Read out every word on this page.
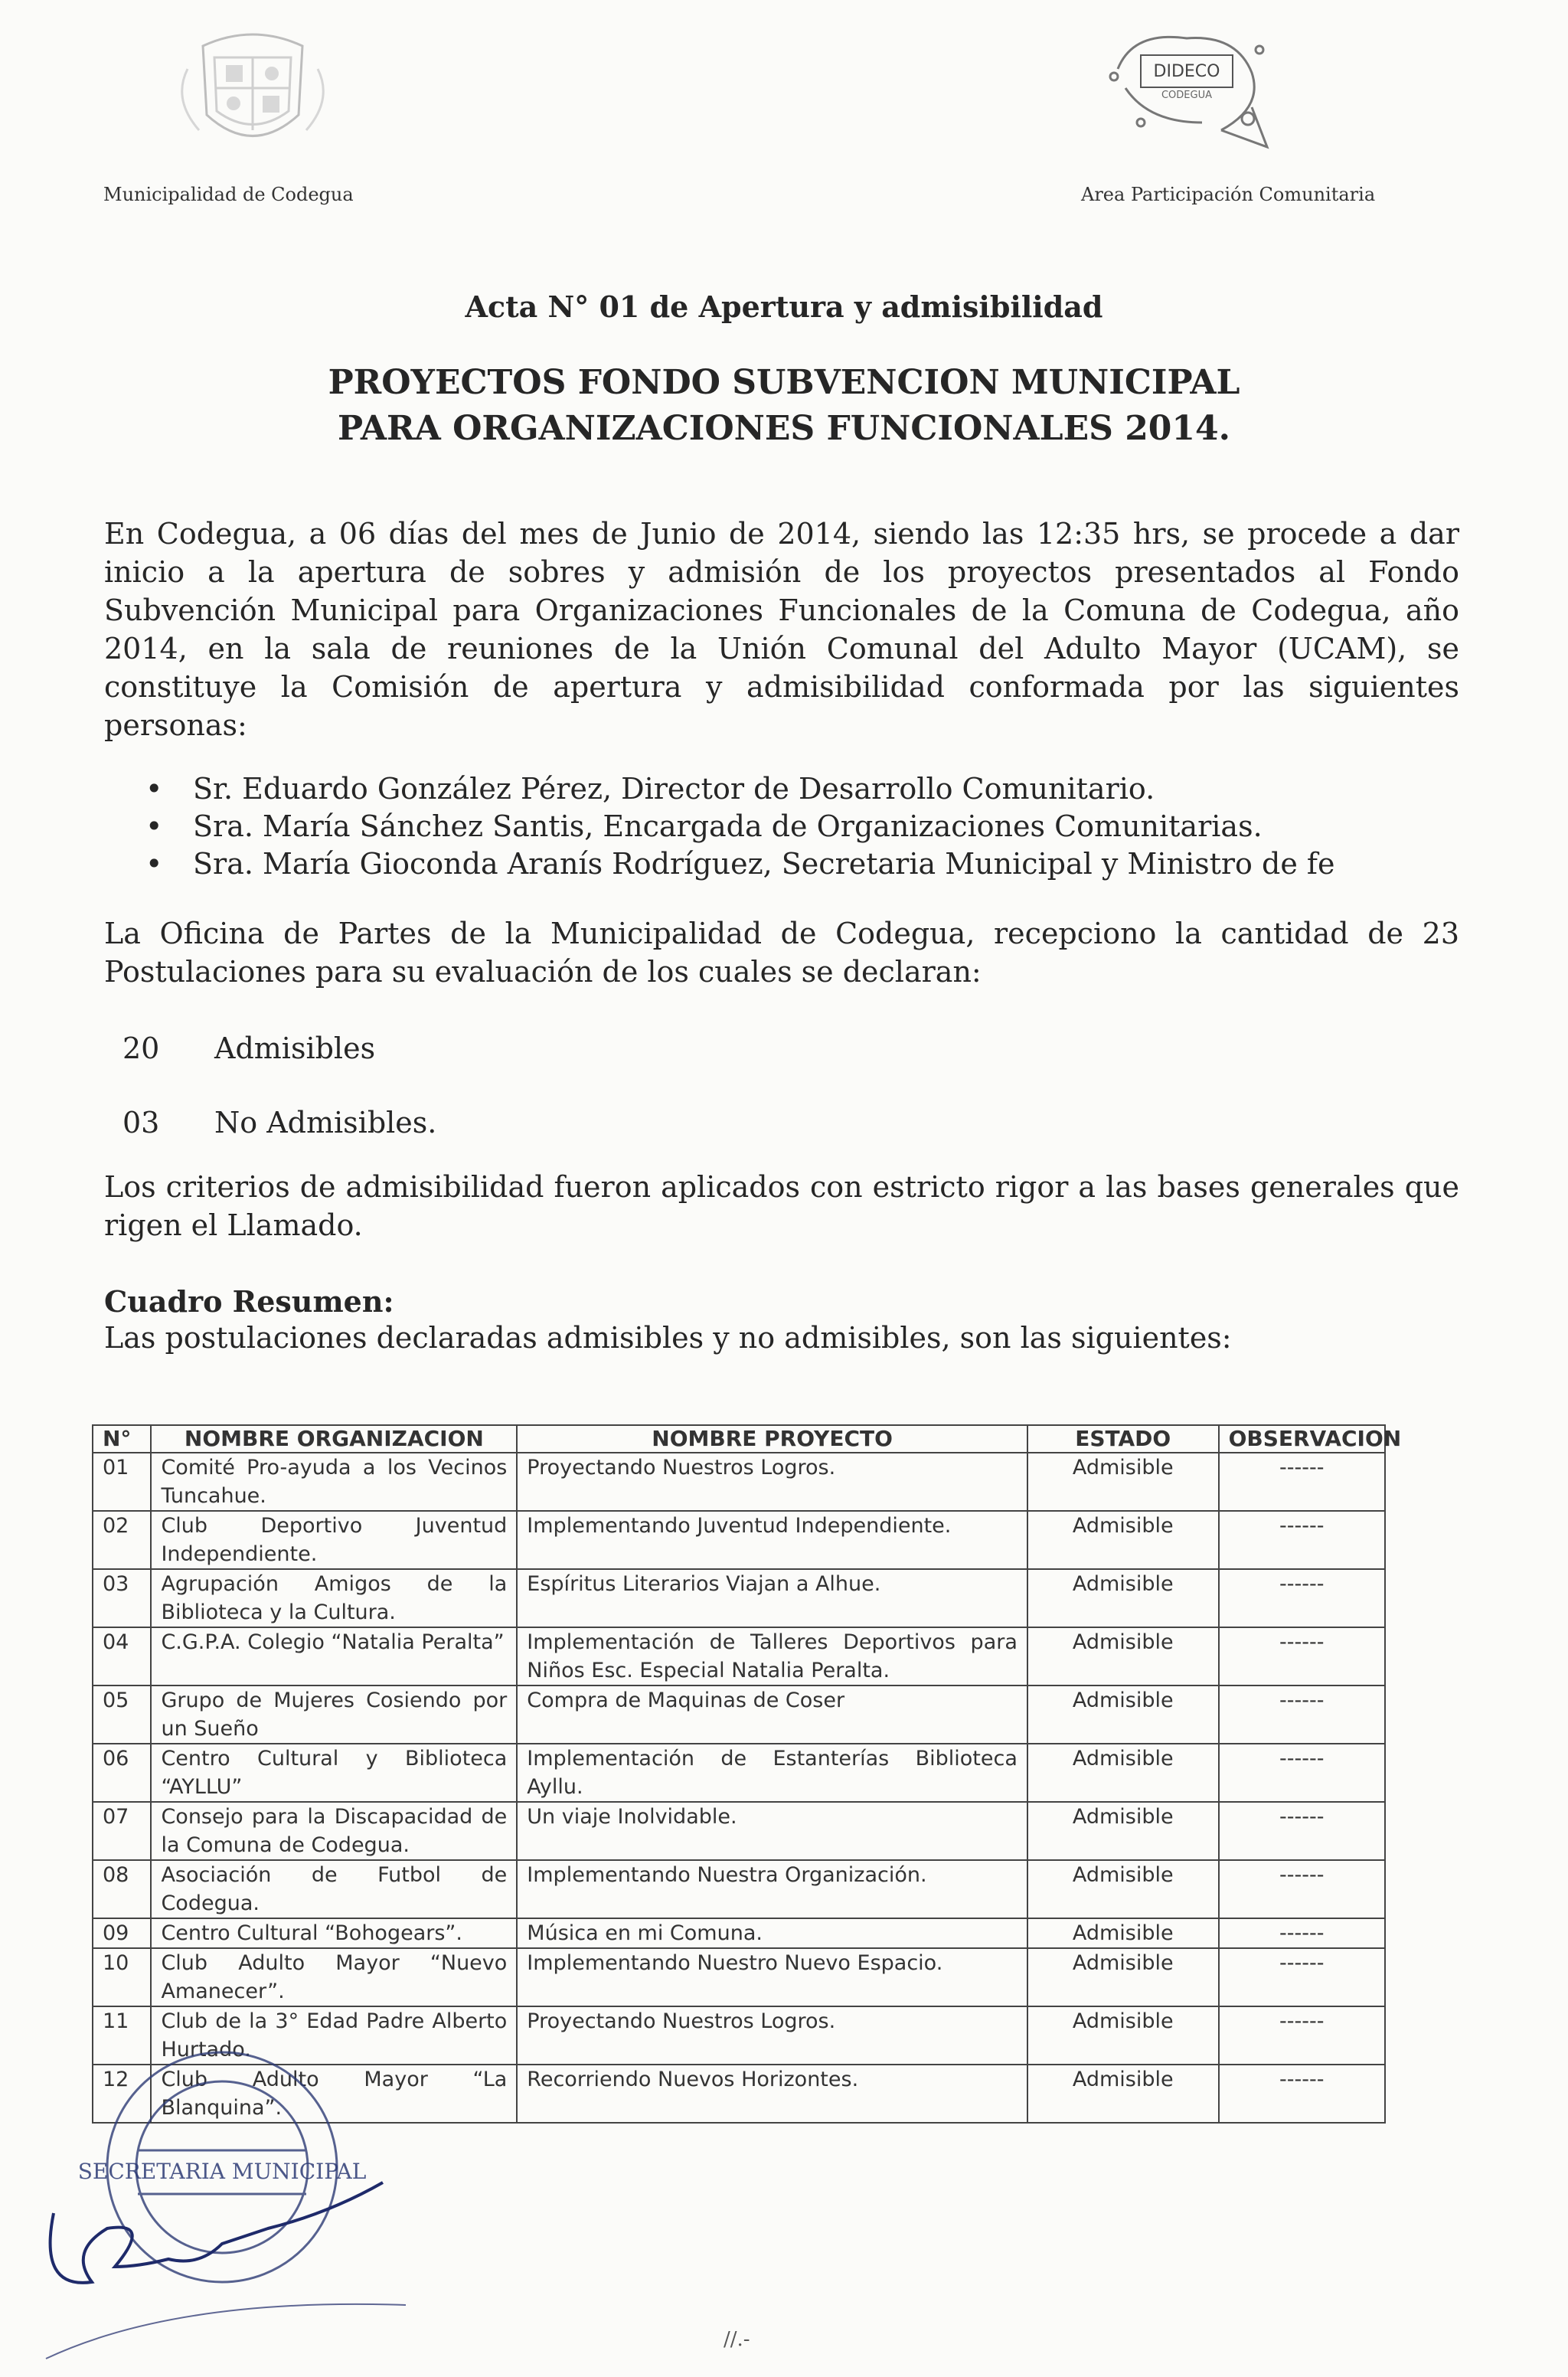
DIDECO
CODEGUA
Municipalidad de Codegua	Area Participación Comunitaria
Acta N° 01 de Apertura y admisibilidad
PROYECTOS FONDO SUBVENCION MUNICIPAL
PARA ORGANIZACIONES FUNCIONALES 2014.
En Codegua, a 06 días del mes de Junio de 2014, siendo las 12:35 hrs, se procede a dar inicio a la apertura de sobres y admisión de los proyectos presentados al Fondo Subvención Municipal para Organizaciones Funcionales de la Comuna de Codegua, año 2014, en la sala de reuniones de la Unión Comunal del Adulto Mayor (UCAM), se constituye la Comisión de apertura y admisibilidad conformada por las siguientes personas:
• Sr. Eduardo González Pérez, Director de Desarrollo Comunitario.
• Sra. María Sánchez Santis, Encargada de Organizaciones Comunitarias.
• Sra. María Gioconda Aranís Rodríguez, Secretaria Municipal y Ministro de fe
La Oficina de Partes de la Municipalidad de Codegua, recepciono la cantidad de 23 Postulaciones para su evaluación de los cuales se declaran:
20 Admisibles
03 No Admisibles.
Los criterios de admisibilidad fueron aplicados con estricto rigor a las bases generales que rigen el Llamado.
Cuadro Resumen:
Las postulaciones declaradas admisibles y no admisibles, son las siguientes:
N°	NOMBRE ORGANIZACION	NOMBRE PROYECTO	ESTADO	OBSERVACION
01	Comité Pro-ayuda a los Vecinos Tuncahue.	Proyectando Nuestros Logros.	Admisible	------
02	Club Deportivo Juventud Independiente.	Implementando Juventud Independiente.	Admisible	------
03	Agrupación Amigos de la Biblioteca y la Cultura.	Espíritus Literarios Viajan a Alhue.	Admisible	------
04	C.G.P.A. Colegio “Natalia Peralta”	Implementación de Talleres Deportivos para Niños Esc. Especial Natalia Peralta.	Admisible	------
05	Grupo de Mujeres Cosiendo por un Sueño	Compra de Maquinas de Coser	Admisible	------
06	Centro Cultural y Biblioteca “AYLLU”	Implementación de Estanterías Biblioteca Ayllu.	Admisible	------
07	Consejo para la Discapacidad de la Comuna de Codegua.	Un viaje Inolvidable.	Admisible	------
08	Asociación de Futbol de Codegua.	Implementando Nuestra Organización.	Admisible	------
09	Centro Cultural “Bohogears”.	Música en mi Comuna.	Admisible	------
10	Club Adulto Mayor “Nuevo Amanecer”.	Implementando Nuestro Nuevo Espacio.	Admisible	------
11	Club de la 3° Edad Padre Alberto Hurtado.	Proyectando Nuestros Logros.	Admisible	------
12	Club Adulto Mayor “La Blanquina”.	Recorriendo Nuevos Horizontes.	Admisible	------
SECRETARIA MUNICIPAL
//.-
